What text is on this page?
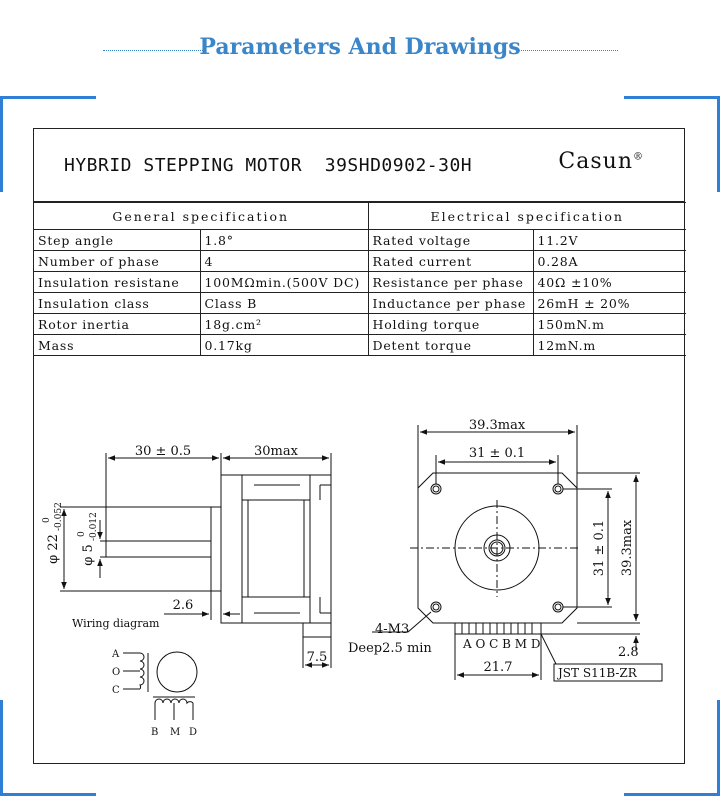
Parameters And Drawings
HYBRID STEPPING MOTOR  39SHD0902-30H	Casun®
General specification		Electrical specification	
Step angle	1.8°	Rated voltage	11.2V
Number of phase	4	Rated current	0.28A
Insulation resistane	100MΩmin.(500V DC)	Resistance per phase	40Ω ±10%
Insulation class	Class B	Inductance per phase	26mH ± 20%
Rotor inertia	18g.cm²	Holding torque	150mN.m
Mass	0.17kg	Detent torque	12mN.m
30 ± 0.5	30max
φ 22
0 -0.052
φ 5
0 -0.012
2.6
7.5
39.3max
31 ± 0.1
31 ± 0.1 39.3max
4-M3
Deep2.5 min	A O C B M D
21.7
2.8
JST S11B-ZR
Wiring diagram
A
O
C
B M D
